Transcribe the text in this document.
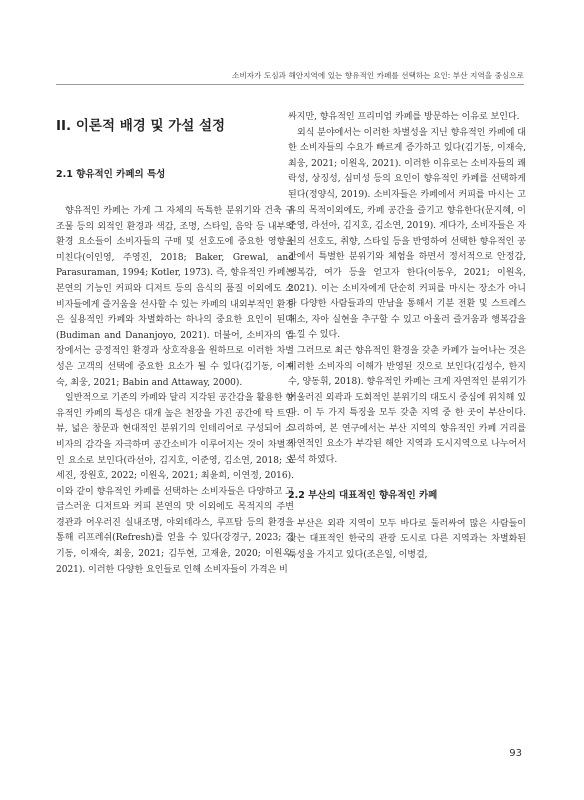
소비자가 도심과 해안지역에 있는 향유적인 카페를 선택하는 요인: 부산 지역을 중심으로
II. 이론적 배경 및 가설 설정
2.1 향유적인 카페의 특성

향유적인 카페는 가게 그 자체의 독특한 분위기와 건축 구조물 등의 외적인 환경과 색감, 조명, 스타일, 음악 등 내부의 환경 요소들이 소비자들의 구매 및 선호도에 중요한 영향을 미친다(이인영, 주영진, 2018; Baker, Grewal, and Parasuraman, 1994; Kotler, 1973). 즉, 향유적인 카페는 본연의 기능인 커피와 디저트 등의 음식의 품질 이외에도 소비자들에게 즐거움을 선사할 수 있는 카페의 내외부적인 환경은 실용적인 카페와 차별화하는 하나의 중요한 요인이 된다(Budiman and Dananjoyo, 2021). 더불어, 소비자의 입장에서는 긍정적인 환경과 상호작용을 원하므로 이러한 차별성은 고객의 선택에 중요한 요소가 될 수 있다(김기동, 이재숙, 최웅, 2021; Babin and Attaway, 2000).

일반적으로 기존의 카페와 달리 지각된 공간감을 활용한 향유적인 카페의 특성은 대개 높은 천장을 가진 공간에 탁 트인 뷰, 넓은 창문과 현대적인 분위기의 인테리어로 구성되어 소비자의 감각을 자극하며 공간소비가 이루어지는 것이 차별적인 요소로 보인다(라선아, 김지호, 이준영, 김소연, 2018; 오세진, 장원호, 2022; 이원옥, 2021; 최윤희, 이연정, 2016). 이와 같이 향유적인 카페를 선택하는 소비자들은 다양하고 고급스러운 디저트와 커피 본연의 맛 이외에도 목적지의 주변 경관과 어우러진 실내조명, 야외테라스, 루프탑 등의 환경을 통해 리프레쉬(Refresh)를 얻을 수 있다(강경구, 2023; 김기동, 이재숙, 최웅, 2021; 김두현, 고재윤, 2020; 이원옥, 2021). 이러한 다양한 요인들로 인해 소비자들이 가격은 비

싸지만, 향유적인 프리미엄 카페를 방문하는 이유로 보인다.

외식 분야에서는 이러한 차별성을 지닌 향유적인 카페에 대한 소비자들의 수요가 빠르게 증가하고 있다(김기동, 이재숙, 최웅, 2021; 이원옥, 2021). 이러한 이유로는 소비자들의 쾌락성, 상징성, 심미성 등의 요인이 향유적인 카페를 선택하게 된다(정양식, 2019). 소비자들은 카페에서 커피를 마시는 고유의 목적이외에도, 카페 공간을 즐기고 향유한다(문지혜, 이준영, 라선아, 김지호, 김소연, 2019). 게다가, 소비자들은 자신의 선호도, 취향, 스타일 등을 반영하여 선택한 향유적인 공간에서 특별한 분위기와 체험을 하면서 정서적으로 안정감, 행복감, 여가 등을 얻고자 한다(이동우, 2021; 이원옥, 2021). 이는 소비자에게 단순히 커피를 마시는 장소가 아니라 다양한 사람들과의 만남을 통해서 기분 전환 및 스트레스 해소, 자아 실현을 추구할 수 있고 아울러 즐거움과 행복감을 느낄 수 있다.

그러므로 최근 향유적인 환경을 갖춘 카페가 늘어나는 것은 이러한 소비자의 이해가 반영된 것으로 보인다(김성수, 한지수, 양동휘, 2018). 향유적인 카페는 크게 자연적인 분위기가 어울러진 외곽과 도회적인 분위기의 대도시 중심에 위치해 있다. 이 두 가지 특징을 모두 갖춘 지역 중 한 곳이 부산이다. 그리하여, 본 연구에서는 부산 지역의 향유적인 카페 거리를 자연적인 요소가 부각된 해안 지역과 도시지역으로 나누어서 분석 하였다.

2.2 부산의 대표적인 향유적인 카페

부산은 외곽 지역이 모두 바다로 둘러싸여 많은 사람들이 찾는 대표적인 한국의 관광 도시로 다른 지역과는 차별화된 특성을 가지고 있다(조은일, 이병걸,

93
